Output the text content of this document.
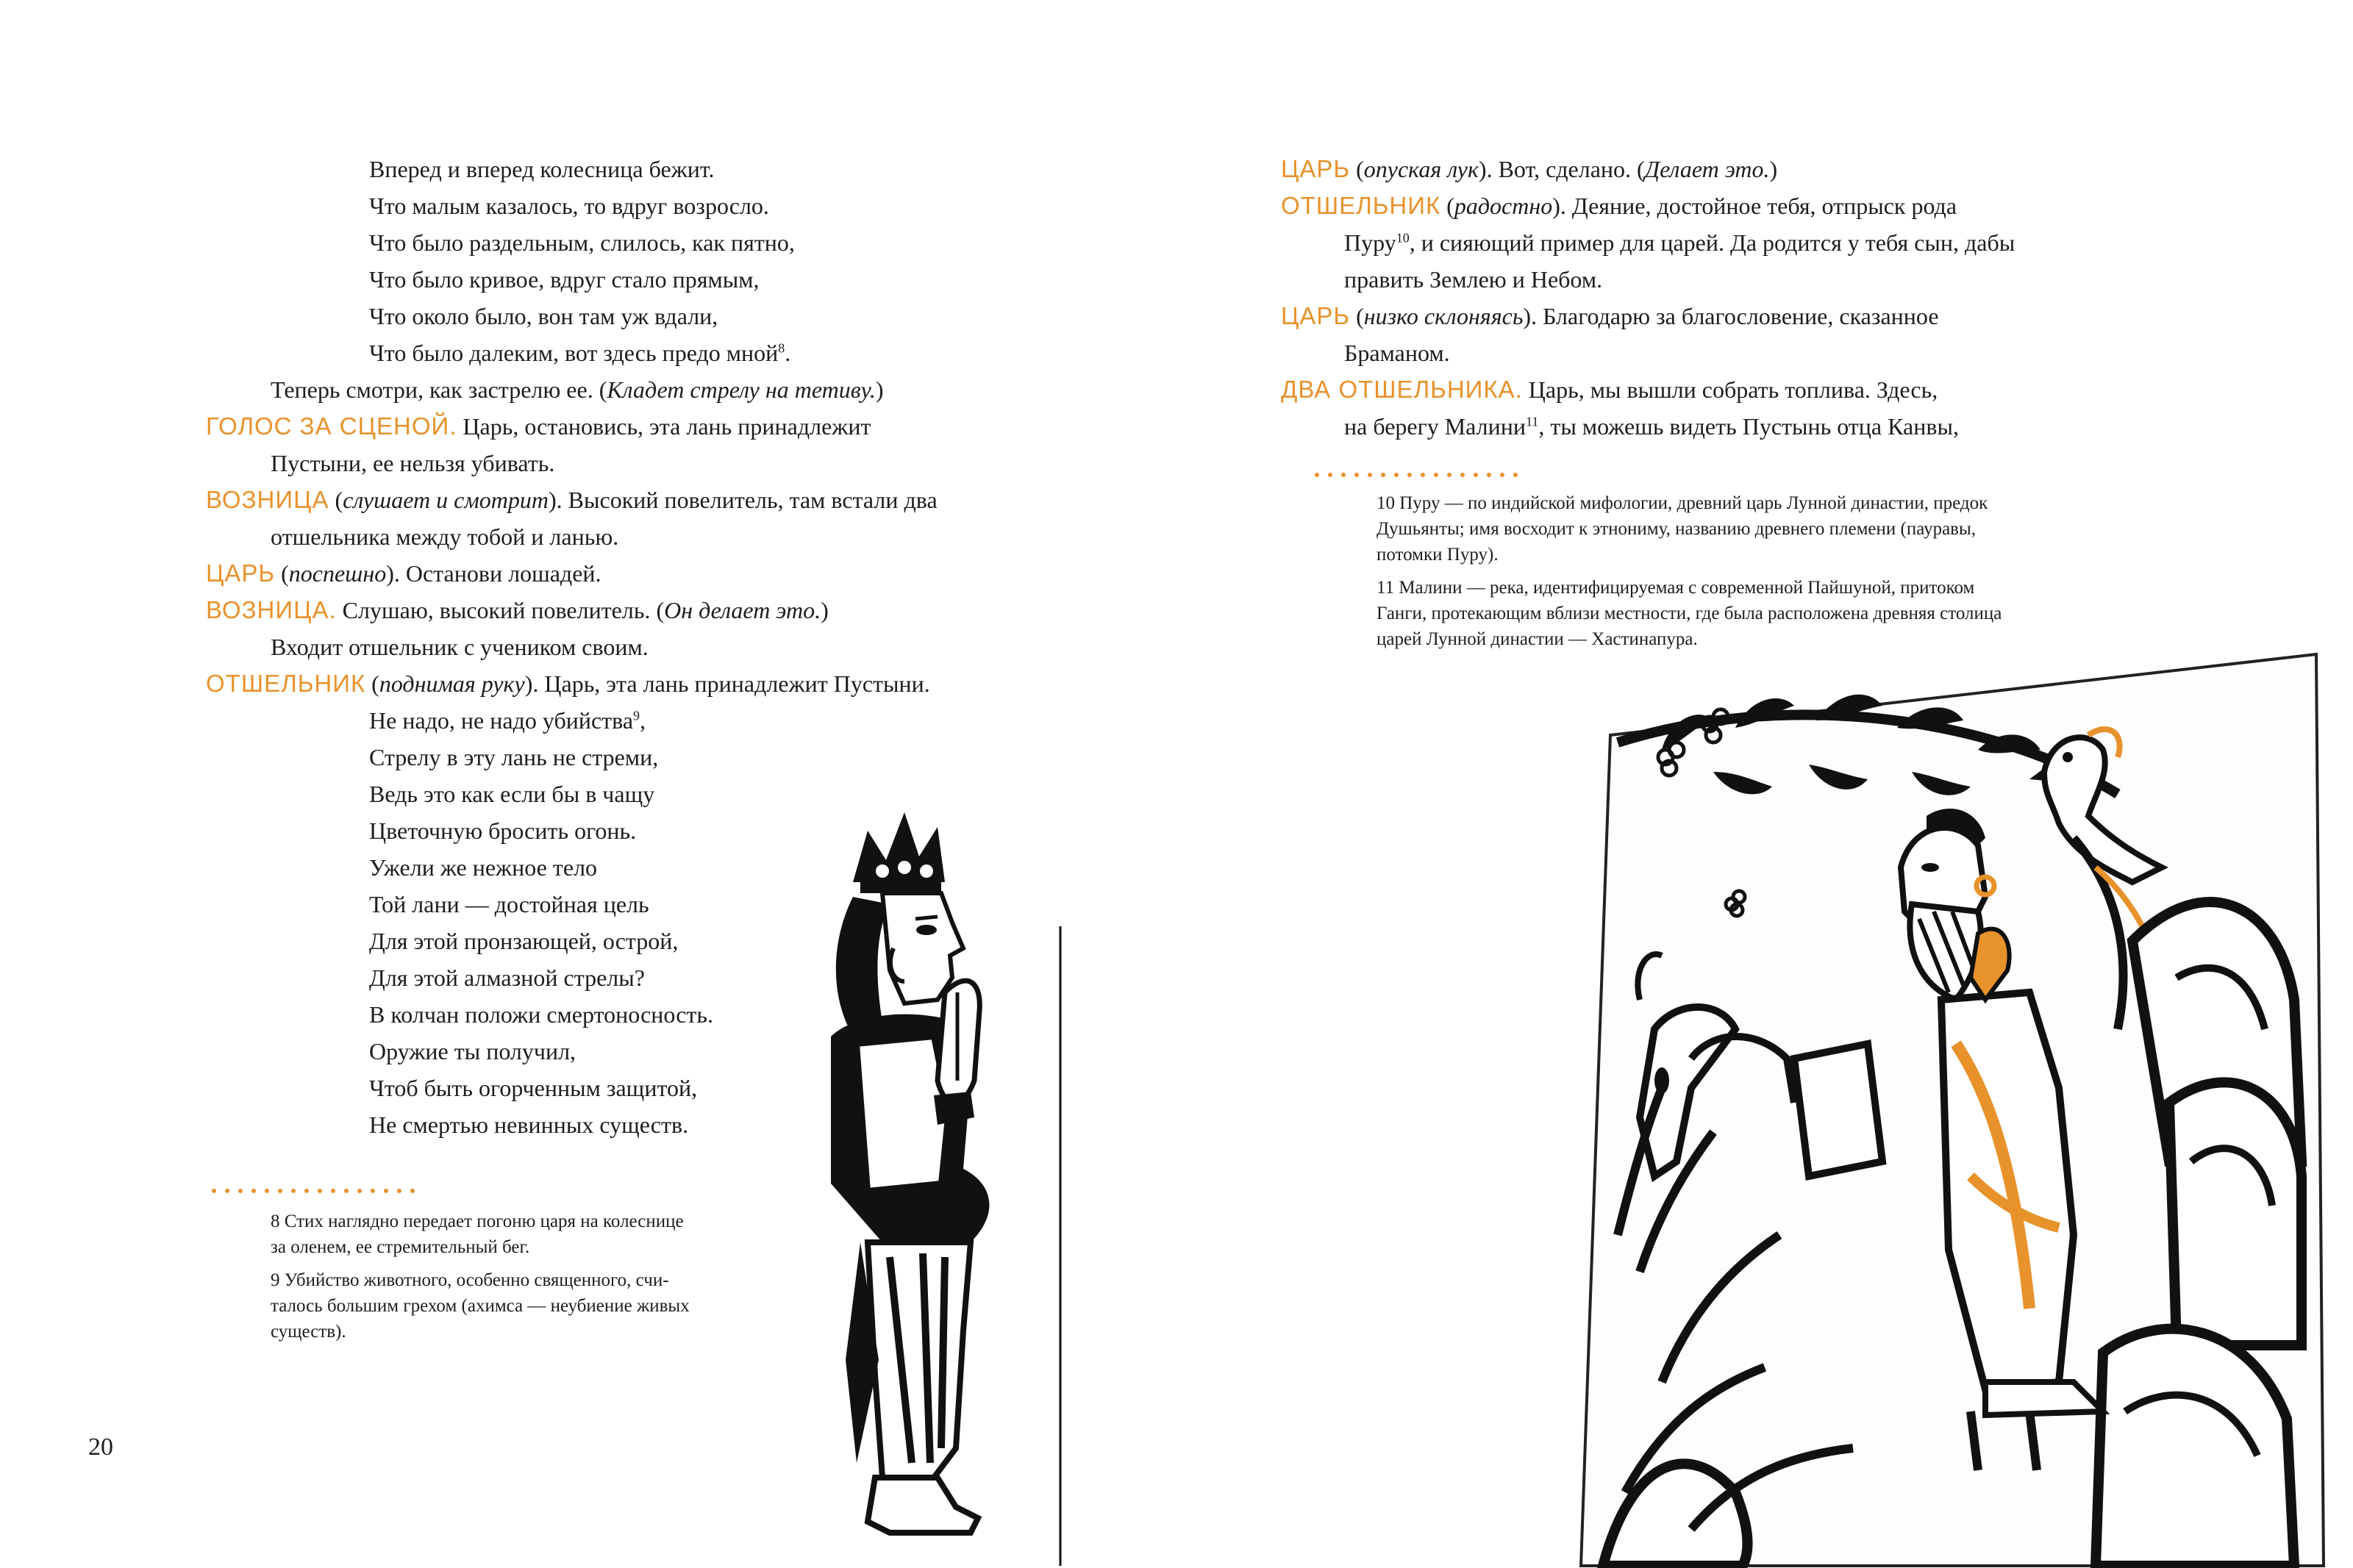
Вперед и вперед колесница бежит.
Что малым казалось, то вдруг возросло.
Что было раздельным, слилось, как пятно,
Что было кривое, вдруг стало прямым,
Что около было, вон там уж вдали,
Что было далеким, вот здесь предо мной$^8$.
Теперь смотри, как застрелю ее. (Кладет стрелу на тетиву.)
ГОЛОС ЗА СЦЕНОЙ. Царь, остановись, эта лань принадлежит
Пустыни, ее нельзя убивать.
ВОЗНИЦА (слушает и смотрит). Высокий повелитель, там встали два
отшельника между тобой и ланью.
ЦАРЬ (поспешно). Останови лошадей.
ВОЗНИЦА. Слушаю, высокий повелитель. (Он делает это.)
Входит отшельник с учеником своим.
ОТШЕЛЬНИК (поднимая руку). Царь, эта лань принадлежит Пустыни.
Не надо, не надо убийства$^9$,
Стрелу в эту лань не стреми,
Ведь это как если бы в чащу
Цветочную бросить огонь.
Ужели же нежное тело
Той лани — достойная цель
Для этой пронзающей, острой,
Для этой алмазной стрелы?
В колчан положи смертоносность.
Оружие ты получил,
Чтоб быть огорченным защитой,
Не смертью невинных существ.
8 Стих наглядно передает погоню царя на колеснице
за оленем, ее стремительный бег.
9 Убийство животного, особенно священного, счи-
талось большим грехом (ахимса — неубиение живых
существ).
20
ЦАРЬ (опуская лук). Вот, сделано. (Делает это.)
ОТШЕЛЬНИК (радостно). Деяние, достойное тебя, отпрыск рода
Пуру$^{10}$, и сияющий пример для царей. Да родится у тебя сын, дабы
править Землею и Небом.
ЦАРЬ (низко склоняясь). Благодарю за благословение, сказанное
Браманом.
ДВА ОТШЕЛЬНИКА. Царь, мы вышли собрать топлива. Здесь,
на берегу Малини$^{11}$, ты можешь видеть Пустынь отца Канвы,
10 Пуру — по индийской мифологии, древний царь Лунной династии, предок
Душьянты; имя восходит к этнониму, названию древнего племени (пауравы,
потомки Пуру).
11 Малини — река, идентифицируемая с современной Пайшуной, притоком
Ганги, протекающим вблизи местности, где была расположена древняя столица
царей Лунной династии — Хастинапура.
